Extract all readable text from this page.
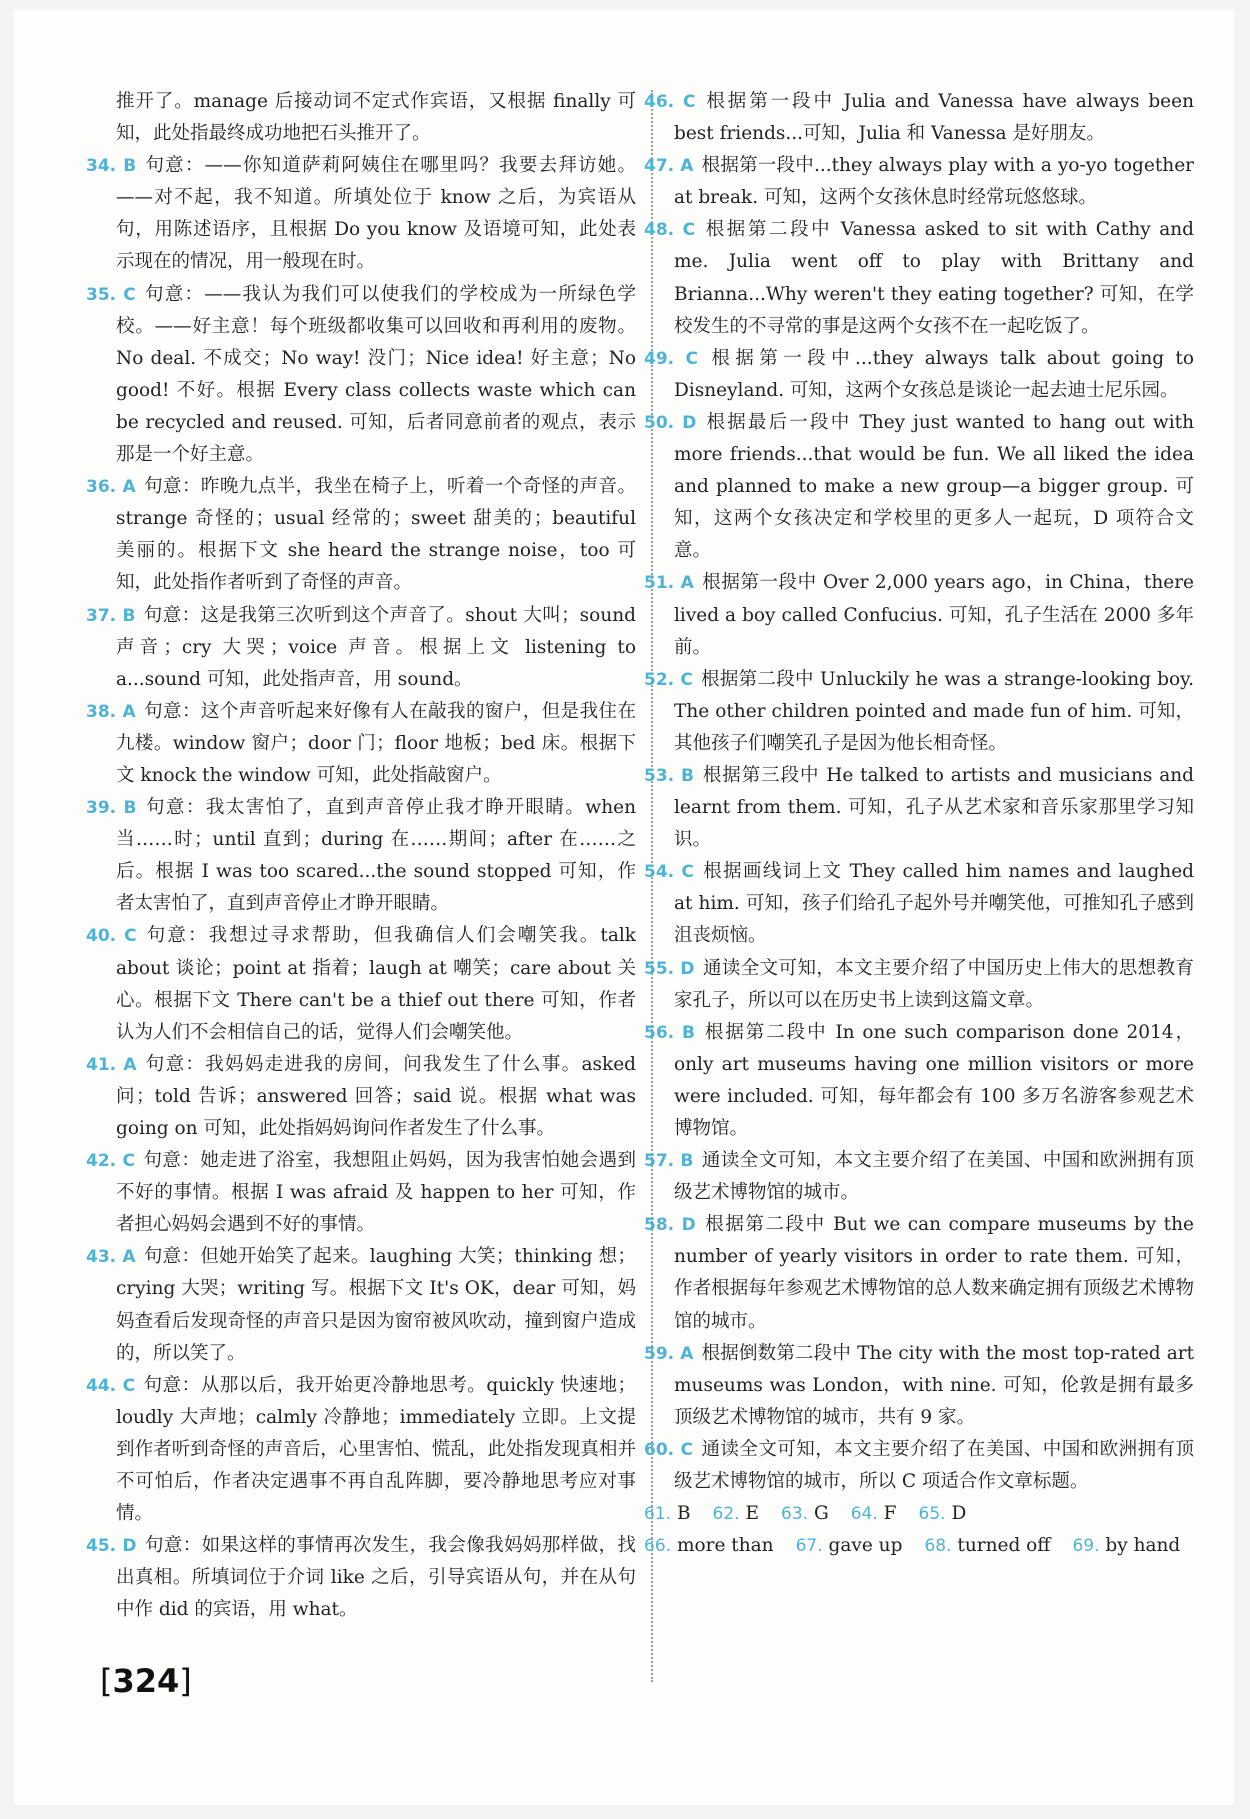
推开了。manage 后接动词不定式作宾语，又根据 finally 可知，此处指最终成功地把石头推开了。

34. B 句意：——你知道萨莉阿姨住在哪里吗？我要去拜访她。——对不起，我不知道。所填处位于 know 之后，为宾语从句，用陈述语序，且根据 Do you know 及语境可知，此处表示现在的情况，用一般现在时。

35. C 句意：——我认为我们可以使我们的学校成为一所绿色学校。——好主意！每个班级都收集可以回收和再利用的废物。No deal. 不成交；No way! 没门；Nice idea! 好主意；No good! 不好。根据 Every class collects waste which can be recycled and reused. 可知，后者同意前者的观点，表示那是一个好主意。

36. A 句意：昨晚九点半，我坐在椅子上，听着一个奇怪的声音。strange 奇怪的；usual 经常的；sweet 甜美的；beautiful 美丽的。根据下文 she heard the strange noise，too 可知，此处指作者听到了奇怪的声音。

37. B 句意：这是我第三次听到这个声音了。shout 大叫；sound 声音；cry 大哭；voice 声音。根据上文 listening to a...sound 可知，此处指声音，用 sound。

38. A 句意：这个声音听起来好像有人在敲我的窗户，但是我住在九楼。window 窗户；door 门；floor 地板；bed 床。根据下文 knock the window 可知，此处指敲窗户。

39. B 句意：我太害怕了，直到声音停止我才睁开眼睛。when 当……时；until 直到；during 在……期间；after 在……之后。根据 I was too scared...the sound stopped 可知，作者太害怕了，直到声音停止才睁开眼睛。

40. C 句意：我想过寻求帮助，但我确信人们会嘲笑我。talk about 谈论；point at 指着；laugh at 嘲笑；care about 关心。根据下文 There can't be a thief out there 可知，作者认为人们不会相信自己的话，觉得人们会嘲笑他。

41. A 句意：我妈妈走进我的房间，问我发生了什么事。asked 问；told 告诉；answered 回答；said 说。根据 what was going on 可知，此处指妈妈询问作者发生了什么事。

42. C 句意：她走进了浴室，我想阻止妈妈，因为我害怕她会遇到不好的事情。根据 I was afraid 及 happen to her 可知，作者担心妈妈会遇到不好的事情。

43. A 句意：但她开始笑了起来。laughing 大笑；thinking 想；crying 大哭；writing 写。根据下文 It's OK，dear 可知，妈妈查看后发现奇怪的声音只是因为窗帘被风吹动，撞到窗户造成的，所以笑了。

44. C 句意：从那以后，我开始更冷静地思考。quickly 快速地；loudly 大声地；calmly 冷静地；immediately 立即。上文提到作者听到奇怪的声音后，心里害怕、慌乱，此处指发现真相并不可怕后，作者决定遇事不再自乱阵脚，要冷静地思考应对事情。

45. D 句意：如果这样的事情再次发生，我会像我妈妈那样做，找出真相。所填词位于介词 like 之后，引导宾语从句，并在从句中作 did 的宾语，用 what。

46. C 根据第一段中 Julia and Vanessa have always been best friends...可知，Julia 和 Vanessa 是好朋友。

47. A 根据第一段中...they always play with a yo-yo together at break. 可知，这两个女孩休息时经常玩悠悠球。

48. C 根据第二段中 Vanessa asked to sit with Cathy and me. Julia went off to play with Brittany and Brianna...Why weren't they eating together? 可知，在学校发生的不寻常的事是这两个女孩不在一起吃饭了。

49. C 根据第一段中...they always talk about going to Disneyland. 可知，这两个女孩总是谈论一起去迪士尼乐园。

50. D 根据最后一段中 They just wanted to hang out with more friends...that would be fun. We all liked the idea and planned to make a new group—a bigger group. 可知，这两个女孩决定和学校里的更多人一起玩，D 项符合文意。

51. A 根据第一段中 Over 2,000 years ago，in China，there lived a boy called Confucius. 可知，孔子生活在 2000 多年前。

52. C 根据第二段中 Unluckily he was a strange-looking boy. The other children pointed and made fun of him. 可知，其他孩子们嘲笑孔子是因为他长相奇怪。

53. B 根据第三段中 He talked to artists and musicians and learnt from them. 可知，孔子从艺术家和音乐家那里学习知识。

54. C 根据画线词上文 They called him names and laughed at him. 可知，孩子们给孔子起外号并嘲笑他，可推知孔子感到沮丧烦恼。

55. D 通读全文可知，本文主要介绍了中国历史上伟大的思想教育家孔子，所以可以在历史书上读到这篇文章。

56. B 根据第二段中 In one such comparison done 2014，only art museums having one million visitors or more were included. 可知，每年都会有 100 多万名游客参观艺术博物馆。

57. B 通读全文可知，本文主要介绍了在美国、中国和欧洲拥有顶级艺术博物馆的城市。

58. D 根据第二段中 But we can compare museums by the number of yearly visitors in order to rate them. 可知，作者根据每年参观艺术博物馆的总人数来确定拥有顶级艺术博物馆的城市。

59. A 根据倒数第二段中 The city with the most top-rated art museums was London，with nine. 可知，伦敦是拥有最多顶级艺术博物馆的城市，共有 9 家。

60. C 通读全文可知，本文主要介绍了在美国、中国和欧洲拥有顶级艺术博物馆的城市，所以 C 项适合作文章标题。

61. B 62. E 63. G 64. F 65. D
66. more than 67. gave up 68. turned off 69. by hand
[324]
